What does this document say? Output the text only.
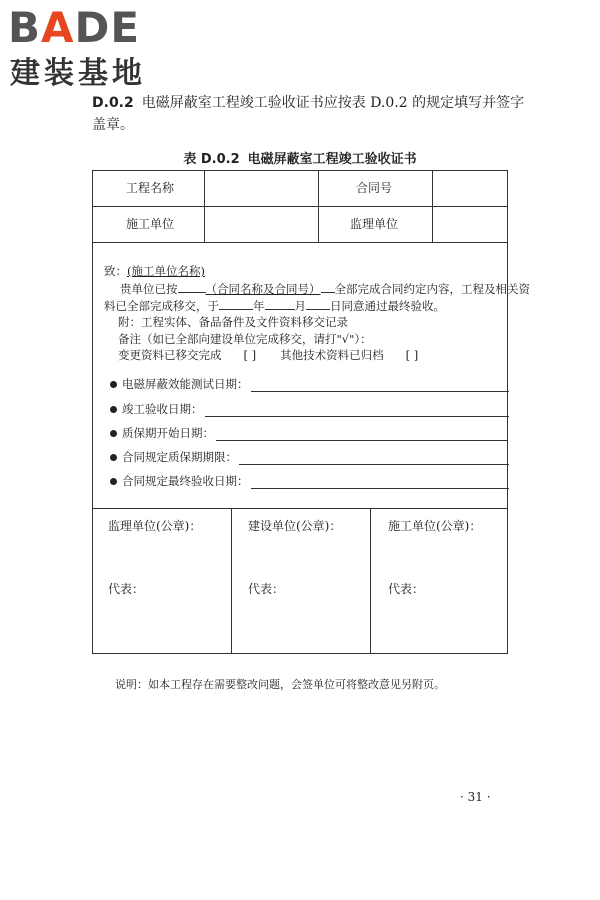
BADE
建装基地
D.0.2 电磁屏蔽室工程竣工验收证书应按表 D.0.2 的规定填写并签字盖章。
表 D.0.2 电磁屏蔽室工程竣工验收证书
工程名称	合同号
施工单位	监理单位
致：(施工单位名称)
贵单位已按 （合同名称及合同号） 全部完成合同约定内容，工程及相关资
料已全部完成移交，于	年	月 日同意通过最终验收。
附：工程实体、备品备件及文件资料移交记录
备注（如已全部向建设单位完成移交，请打"√"）：
变更资料已移交完成 [ ] 其他技术资料已归档 [ ]
电磁屏蔽效能测试日期：
竣工验收日期：
质保期开始日期：
合同规定质保期期限：
合同规定最终验收日期：
监理单位(公章)：	建设单位(公章)：	施工单位(公章)：
代表：	代表：	代表：
说明：如本工程存在需要整改问题，会签单位可将整改意见另附页。
· 31 ·
